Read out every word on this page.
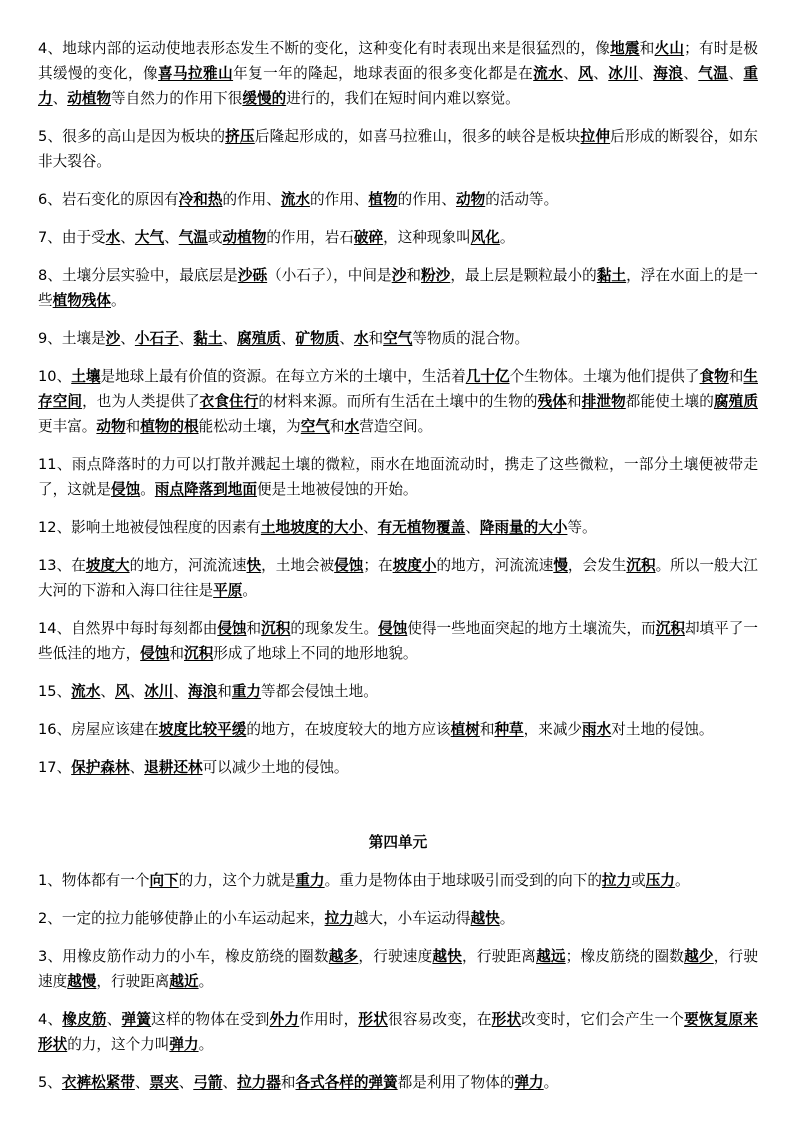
4、地球内部的运动使地表形态发生不断的变化，这种变化有时表现出来是很猛烈的，像地震和火山；有时是极其缓慢的变化，像喜马拉雅山年复一年的隆起，地球表面的很多变化都是在流水、风、冰川、海浪、气温、重力、动植物等自然力的作用下很缓慢的进行的，我们在短时间内难以察觉。

5、很多的高山是因为板块的挤压后隆起形成的，如喜马拉雅山，很多的峡谷是板块拉伸后形成的断裂谷，如东非大裂谷。

6、岩石变化的原因有冷和热的作用、流水的作用、植物的作用、动物的活动等。

7、由于受水、大气、气温或动植物的作用，岩石破碎，这种现象叫风化。

8、土壤分层实验中，最底层是沙砾（小石子），中间是沙和粉沙，最上层是颗粒最小的黏土，浮在水面上的是一些植物残体。

9、土壤是沙、小石子、黏土、腐殖质、矿物质、水和空气等物质的混合物。

10、土壤是地球上最有价值的资源。在每立方米的土壤中，生活着几十亿个生物体。土壤为他们提供了食物和生存空间，也为人类提供了衣食住行的材料来源。而所有生活在土壤中的生物的残体和排泄物都能使土壤的腐殖质更丰富。动物和植物的根能松动土壤，为空气和水营造空间。

11、雨点降落时的力可以打散并溅起土壤的微粒，雨水在地面流动时，携走了这些微粒，一部分土壤便被带走了，这就是侵蚀。雨点降落到地面便是土地被侵蚀的开始。

12、影响土地被侵蚀程度的因素有土地坡度的大小、有无植物覆盖、降雨量的大小等。

13、在坡度大的地方，河流流速快，土地会被侵蚀；在坡度小的地方，河流流速慢，会发生沉积。所以一般大江大河的下游和入海口往往是平原。

14、自然界中每时每刻都由侵蚀和沉积的现象发生。侵蚀使得一些地面突起的地方土壤流失，而沉积却填平了一些低洼的地方，侵蚀和沉积形成了地球上不同的地形地貌。

15、流水、风、冰川、海浪和重力等都会侵蚀土地。

16、房屋应该建在坡度比较平缓的地方，在坡度较大的地方应该植树和种草，来减少雨水对土地的侵蚀。

17、保护森林、退耕还林可以减少土地的侵蚀。

第四单元

1、物体都有一个向下的力，这个力就是重力。重力是物体由于地球吸引而受到的向下的拉力或压力。

2、一定的拉力能够使静止的小车运动起来，拉力越大，小车运动得越快。

3、用橡皮筋作动力的小车，橡皮筋绕的圈数越多，行驶速度越快，行驶距离越远；橡皮筋绕的圈数越少，行驶速度越慢，行驶距离越近。

4、橡皮筋、弹簧这样的物体在受到外力作用时，形状很容易改变，在形状改变时，它们会产生一个要恢复原来形状的力，这个力叫弹力。

5、衣裤松紧带、票夹、弓箭、拉力器和各式各样的弹簧都是利用了物体的弹力。
